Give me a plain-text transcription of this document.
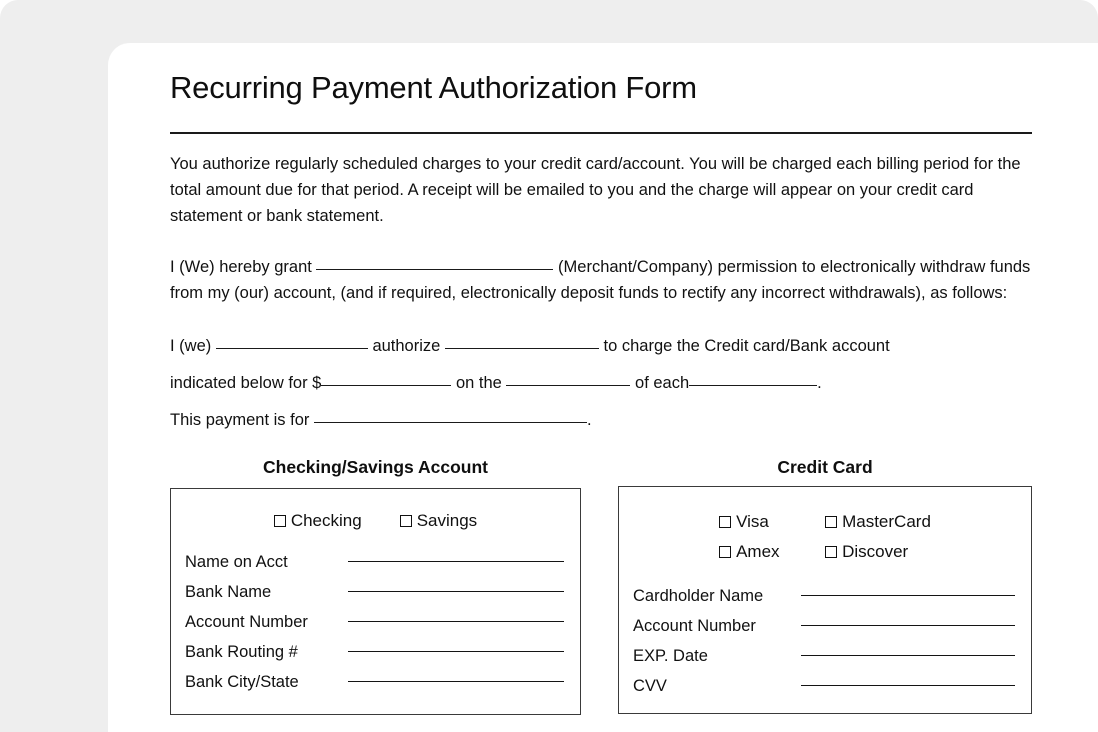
Recurring Payment Authorization Form

You authorize regularly scheduled charges to your credit card/account. You will be charged each billing period for the total amount due for that period. A receipt will be emailed to you and the charge will appear on your credit card statement or bank statement.

I (We) hereby grant	(Merchant/Company) permission to electronically withdraw funds from my (our) account, (and if required, electronically deposit funds to rectify any incorrect withdrawals), as follows:

I (we)	authorize	to charge the Credit card/Bank account
indicated below for $	on the	of each	.
This payment is for	.
Checking/Savings Account
Checking	Savings
Name on Acct
Bank Name
Account Number
Bank Routing #
Bank City/State
Credit Card
Visa	MasterCard
Amex	Discover
Cardholder Name
Account Number
EXP. Date
CVV
